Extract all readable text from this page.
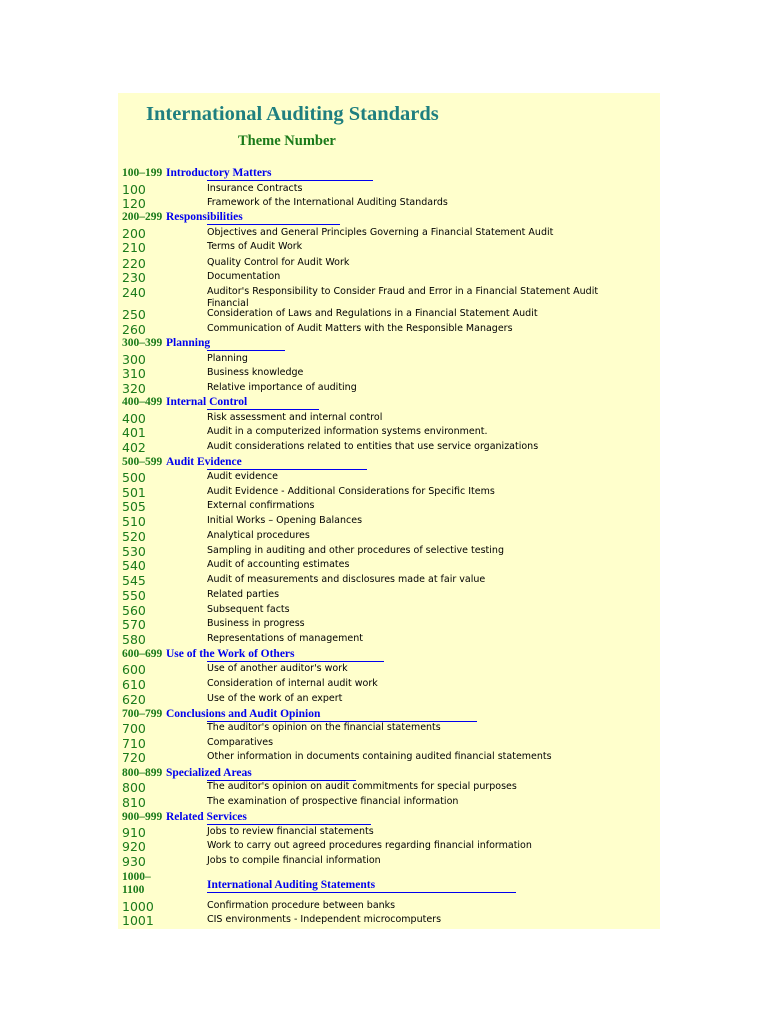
International Auditing Standards
Theme Number
100–199 Introductory Matters
100	Insurance Contracts
120	Framework of the International Auditing Standards
200–299 Responsibilities
200	Objectives and General Principles Governing a Financial Statement Audit
210	Terms of Audit Work
220	Quality Control for Audit Work
230	Documentation
240	Auditor's Responsibility to Consider Fraud and Error in a Financial Statement Audit Financial
250	Consideration of Laws and Regulations in a Financial Statement Audit
260	Communication of Audit Matters with the Responsible Managers
300–399 Planning
300	Planning
310	Business knowledge
320	Relative importance of auditing
400–499 Internal Control
400	Risk assessment and internal control
401	Audit in a computerized information systems environment.
402	Audit considerations related to entities that use service organizations
500–599 Audit Evidence
500	Audit evidence
501	Audit Evidence - Additional Considerations for Specific Items
505	External confirmations
510	Initial Works – Opening Balances
520	Analytical procedures
530	Sampling in auditing and other procedures of selective testing
540	Audit of accounting estimates
545	Audit of measurements and disclosures made at fair value
550	Related parties
560	Subsequent facts
570	Business in progress
580	Representations of management
600–699 Use of the Work of Others
600	Use of another auditor's work
610	Consideration of internal audit work
620	Use of the work of an expert
700–799 Conclusions and Audit Opinion
700	The auditor's opinion on the financial statements
710	Comparatives
720	Other information in documents containing audited financial statements
800–899 Specialized Areas
800	The auditor's opinion on audit commitments for special purposes
810	The examination of prospective financial information
900–999 Related Services
910	Jobs to review financial statements
920	Work to carry out agreed procedures regarding financial information
930	Jobs to compile financial information
1000–1100	International Auditing Statements
1000	Confirmation procedure between banks
1001	CIS environments - Independent microcomputers
